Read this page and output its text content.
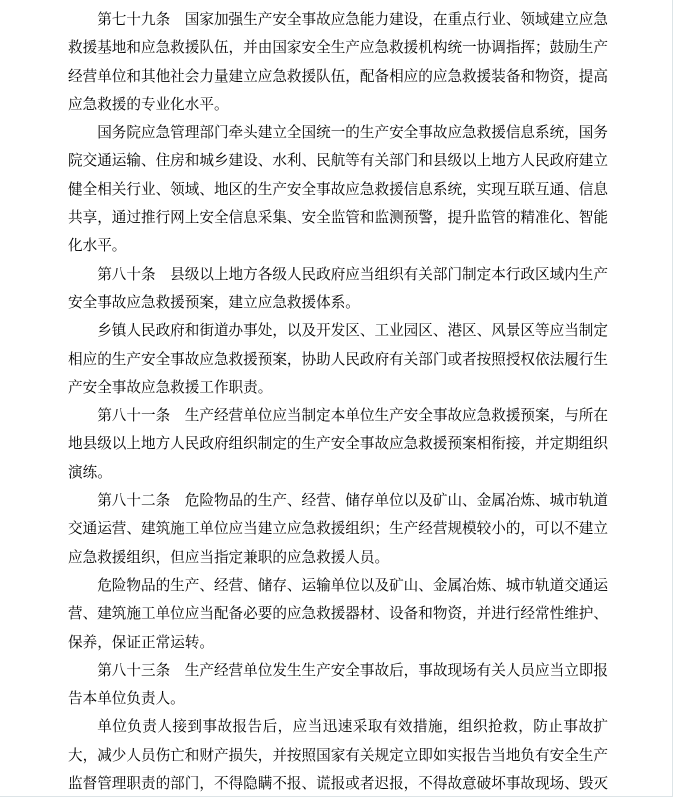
第七十九条　国家加强生产安全事故应急能力建设，在重点行业、领域建立应急救援基地和应急救援队伍，并由国家安全生产应急救援机构统一协调指挥；鼓励生产经营单位和其他社会力量建立应急救援队伍，配备相应的应急救援装备和物资，提高应急救援的专业化水平。

国务院应急管理部门牵头建立全国统一的生产安全事故应急救援信息系统，国务院交通运输、住房和城乡建设、水利、民航等有关部门和县级以上地方人民政府建立健全相关行业、领域、地区的生产安全事故应急救援信息系统，实现互联互通、信息共享，通过推行网上安全信息采集、安全监管和监测预警，提升监管的精准化、智能化水平。

第八十条　县级以上地方各级人民政府应当组织有关部门制定本行政区域内生产安全事故应急救援预案，建立应急救援体系。

乡镇人民政府和街道办事处，以及开发区、工业园区、港区、风景区等应当制定相应的生产安全事故应急救援预案，协助人民政府有关部门或者按照授权依法履行生产安全事故应急救援工作职责。

第八十一条　生产经营单位应当制定本单位生产安全事故应急救援预案，与所在地县级以上地方人民政府组织制定的生产安全事故应急救援预案相衔接，并定期组织演练。

第八十二条　危险物品的生产、经营、储存单位以及矿山、金属冶炼、城市轨道交通运营、建筑施工单位应当建立应急救援组织；生产经营规模较小的，可以不建立应急救援组织，但应当指定兼职的应急救援人员。

危险物品的生产、经营、储存、运输单位以及矿山、金属冶炼、城市轨道交通运营、建筑施工单位应当配备必要的应急救援器材、设备和物资，并进行经常性维护、保养，保证正常运转。

第八十三条　生产经营单位发生生产安全事故后，事故现场有关人员应当立即报告本单位负责人。

单位负责人接到事故报告后，应当迅速采取有效措施，组织抢救，防止事故扩大，减少人员伤亡和财产损失，并按照国家有关规定立即如实报告当地负有安全生产监督管理职责的部门，不得隐瞒不报、谎报或者迟报，不得故意破坏事故现场、毁灭
